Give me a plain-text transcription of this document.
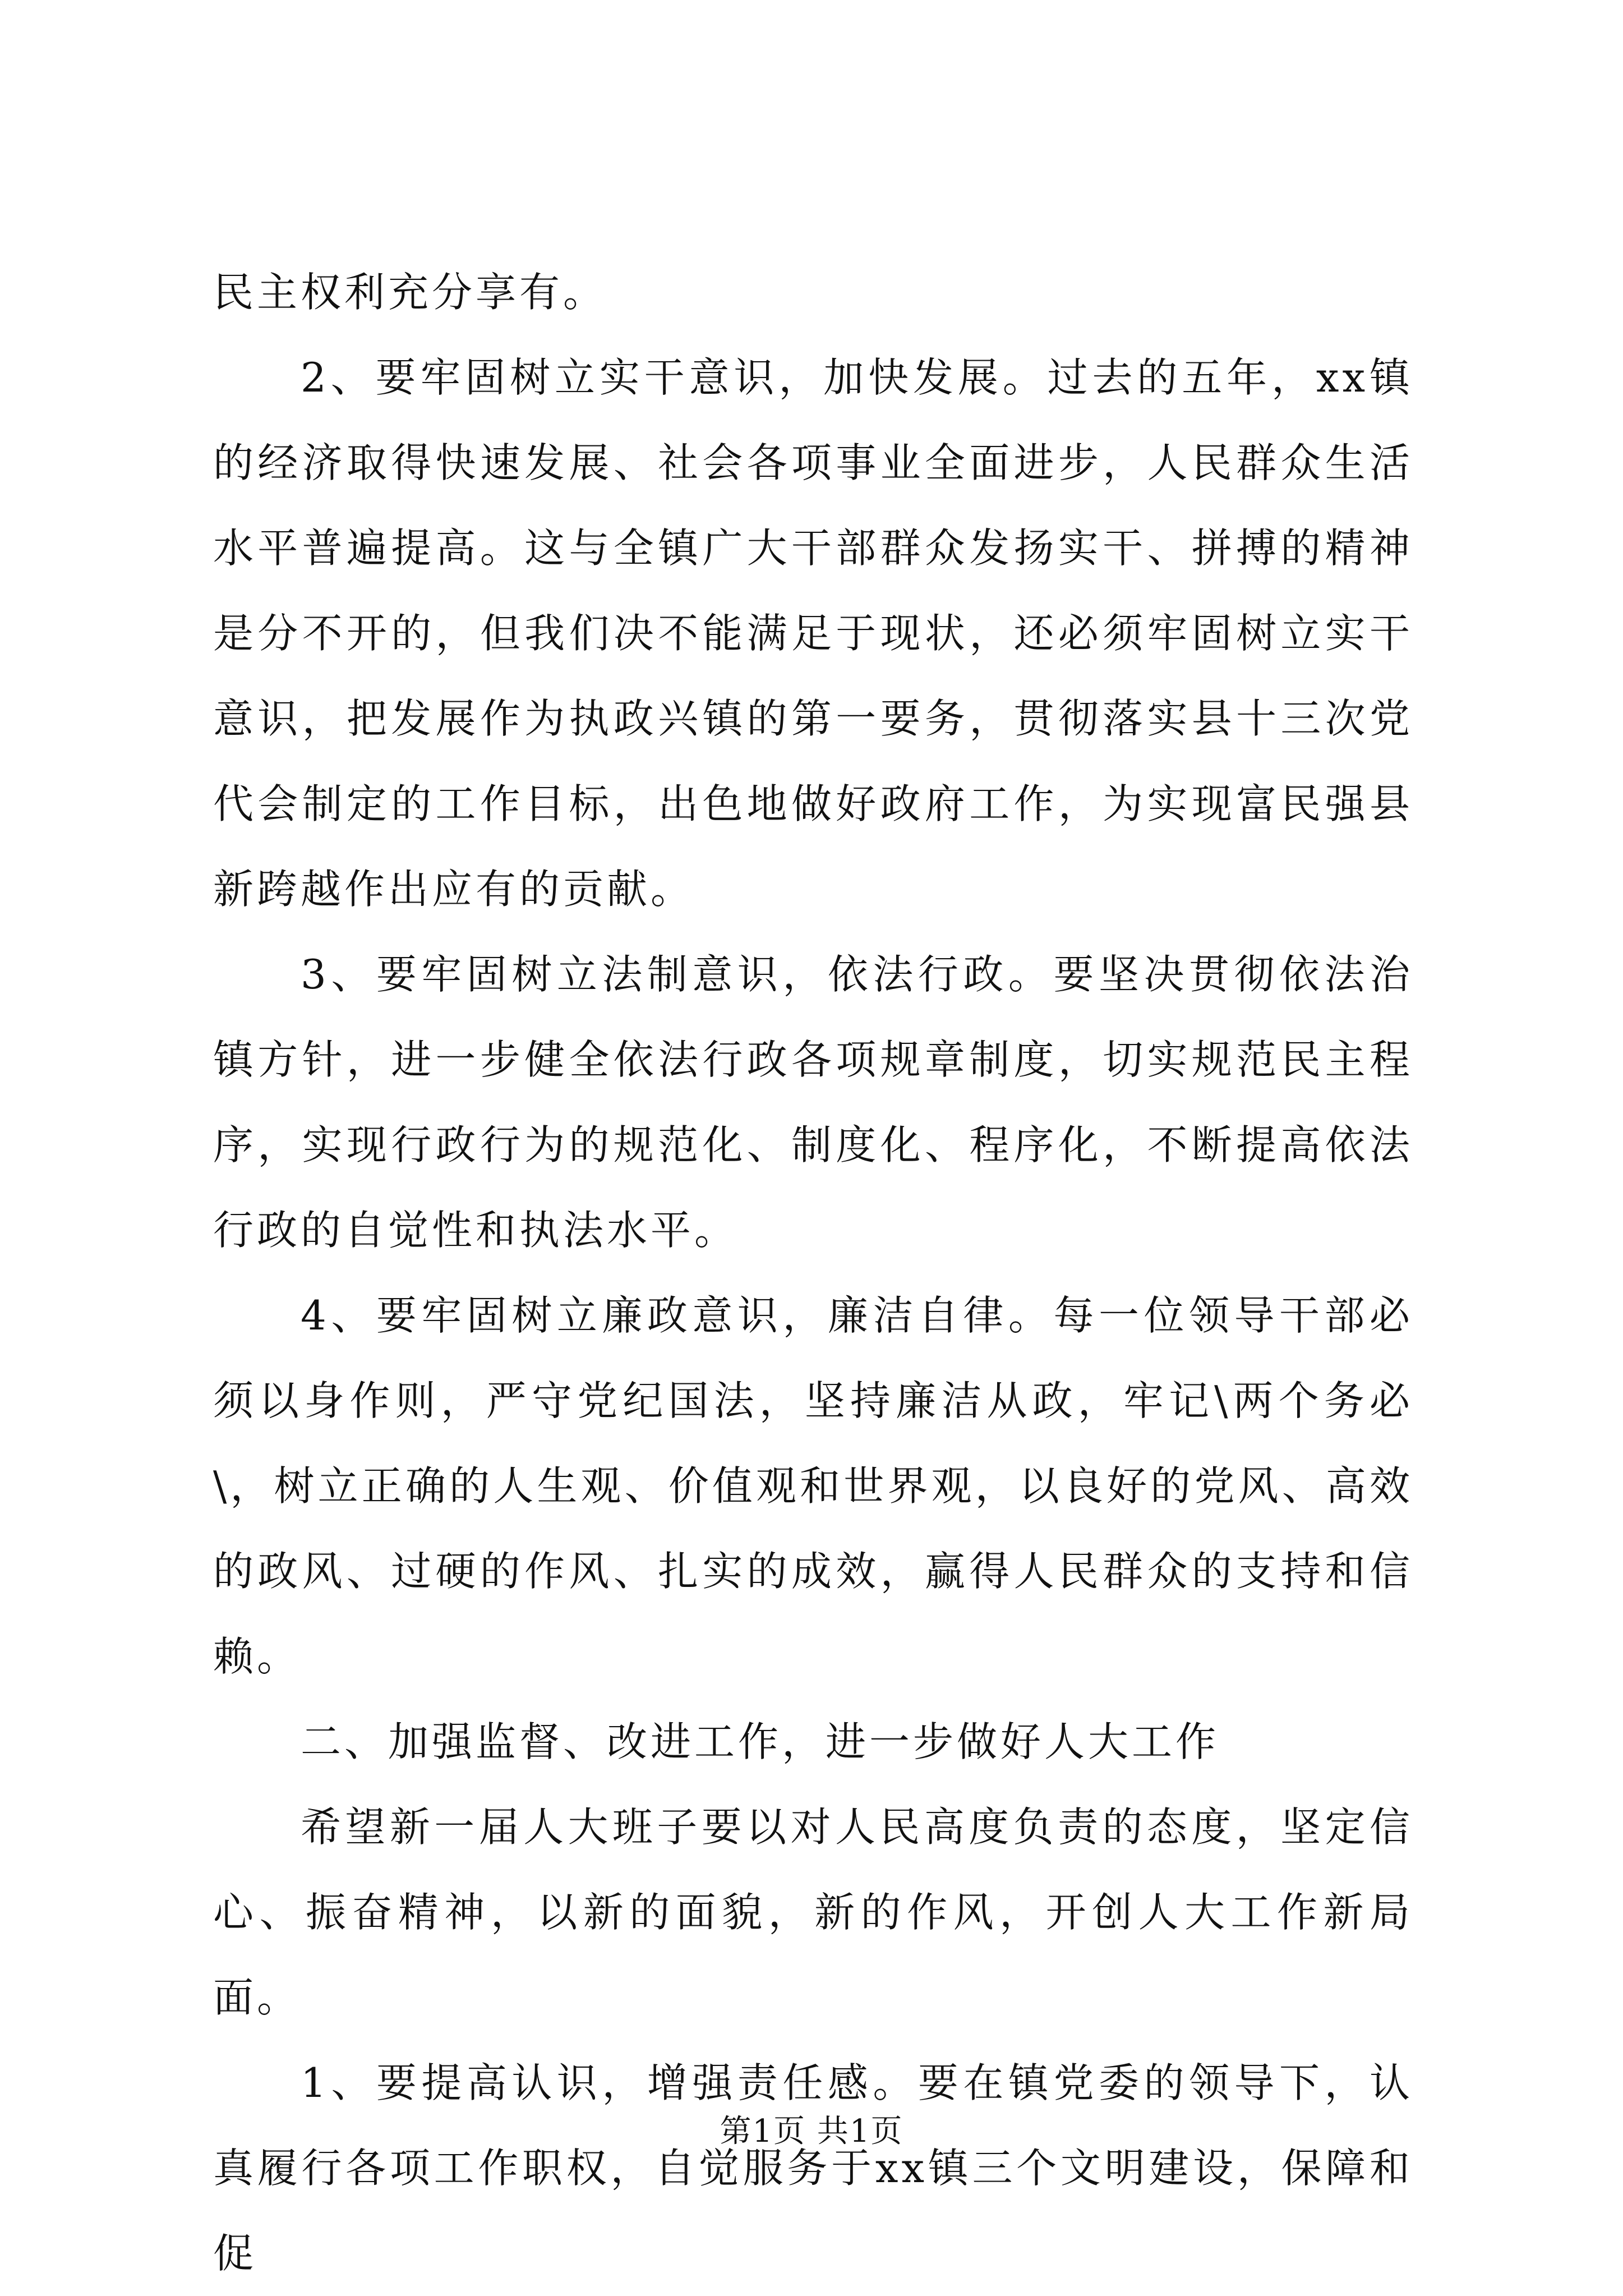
民主权利充分享有。

2、要牢固树立实干意识，加快发展。过去的五年，xx镇的经济取得快速发展、社会各项事业全面进步，人民群众生活水平普遍提高。这与全镇广大干部群众发扬实干、拼搏的精神是分不开的，但我们决不能满足于现状，还必须牢固树立实干意识，把发展作为执政兴镇的第一要务，贯彻落实县十三次党代会制定的工作目标，出色地做好政府工作，为实现富民强县新跨越作出应有的贡献。

3、要牢固树立法制意识，依法行政。要坚决贯彻依法治镇方针，进一步健全依法行政各项规章制度，切实规范民主程序，实现行政行为的规范化、制度化、程序化，不断提高依法行政的自觉性和执法水平。

4、要牢固树立廉政意识，廉洁自律。每一位领导干部必须以身作则，严守党纪国法，坚持廉洁从政，牢记\两个务必\，树立正确的人生观、价值观和世界观，以良好的党风、高效的政风、过硬的作风、扎实的成效，赢得人民群众的支持和信赖。

二、加强监督、改进工作，进一步做好人大工作

希望新一届人大班子要以对人民高度负责的态度，坚定信心、振奋精神，以新的面貌，新的作风，开创人大工作新局面。

1、要提高认识，增强责任感。要在镇党委的领导下，认真履行各项工作职权，自觉服务于xx镇三个文明建设，保障和促

第1页 共1页
